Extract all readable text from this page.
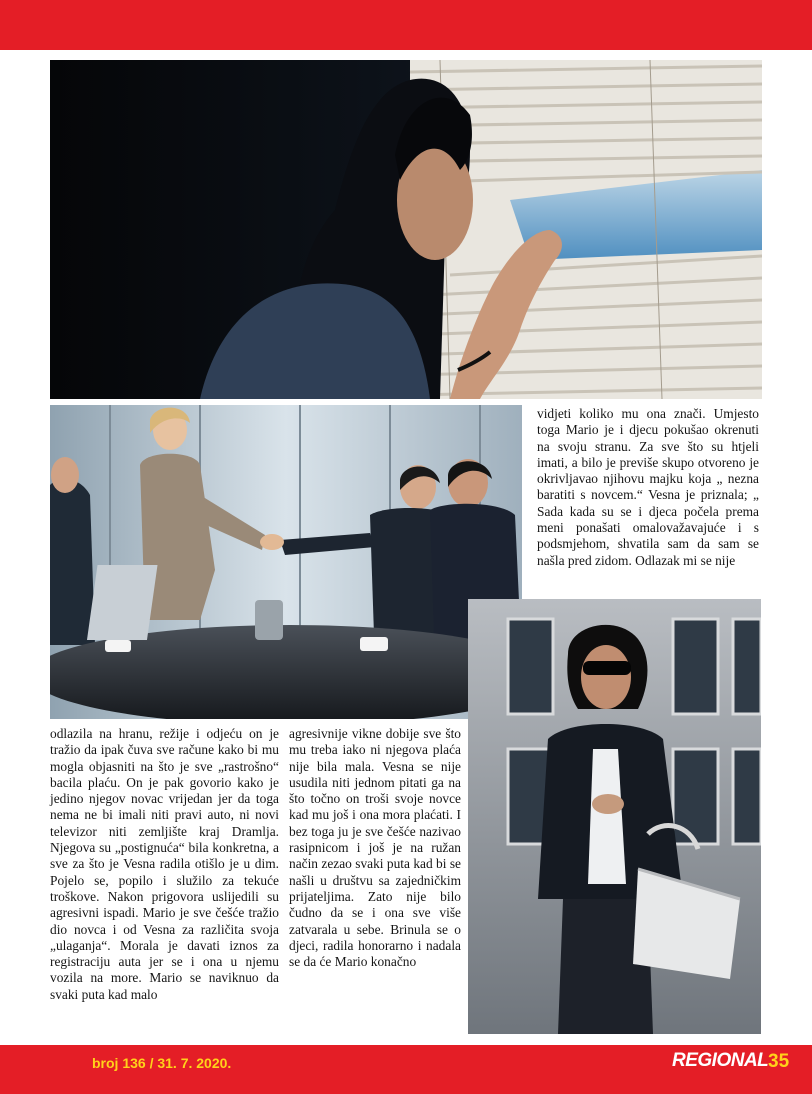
vidjeti koliko mu ona znači. Umjesto toga Mario je i djecu pokušao okrenuti na svoju stranu. Za sve što su htjeli imati, a bilo je previše skupo otvoreno je okrivljavao njihovu majku koja „ nezna baratiti s novcem.“ Vesna je priznala; „ Sada kada su se i djeca počela prema meni ponašati omalovažavajuće i s podsmjehom, shvatila sam da sam se našla pred zidom. Odlazak mi se nije

odlazila na hranu, režije i odjeću on je tražio da ipak čuva sve račune kako bi mu mogla objasniti na što je sve „rastrošno“ bacila plaću. On je pak govorio kako je jedino njegov novac vrijedan jer da toga nema ne bi imali niti pravi auto, ni novi televizor niti zemljište kraj Dramlja. Njegova su „postignuća“ bila konkretna, a sve za što je Vesna radila otišlo je u dim. Pojelo se, popilo i služilo za tekuće troškove. Nakon prigovora uslijedili su agresivni ispadi. Mario je sve češće tražio dio novca i od Vesna za različita svoja „ulaganja“. Morala je davati iznos za registraciju auta jer se i ona u njemu vozila na more. Mario se naviknuo da svaki puta kad malo

agresivnije vikne dobije sve što mu treba iako ni njegova plaća nije bila mala. Vesna se nije usudila niti jednom pitati ga na što točno on troši svoje novce kad mu još i ona mora plaćati. I bez toga ju je sve češće nazivao rasipnicom i još je na ružan način zezao svaki puta kad bi se našli u društvu sa zajedničkim prijateljima. Zato nije bilo čudno da se i ona sve više zatvarala u sebe. Brinula se o djeci, radila honorarno i nadala se da će Mario konačno

broj 136 / 31. 7. 2020.	REGIONAL 35
